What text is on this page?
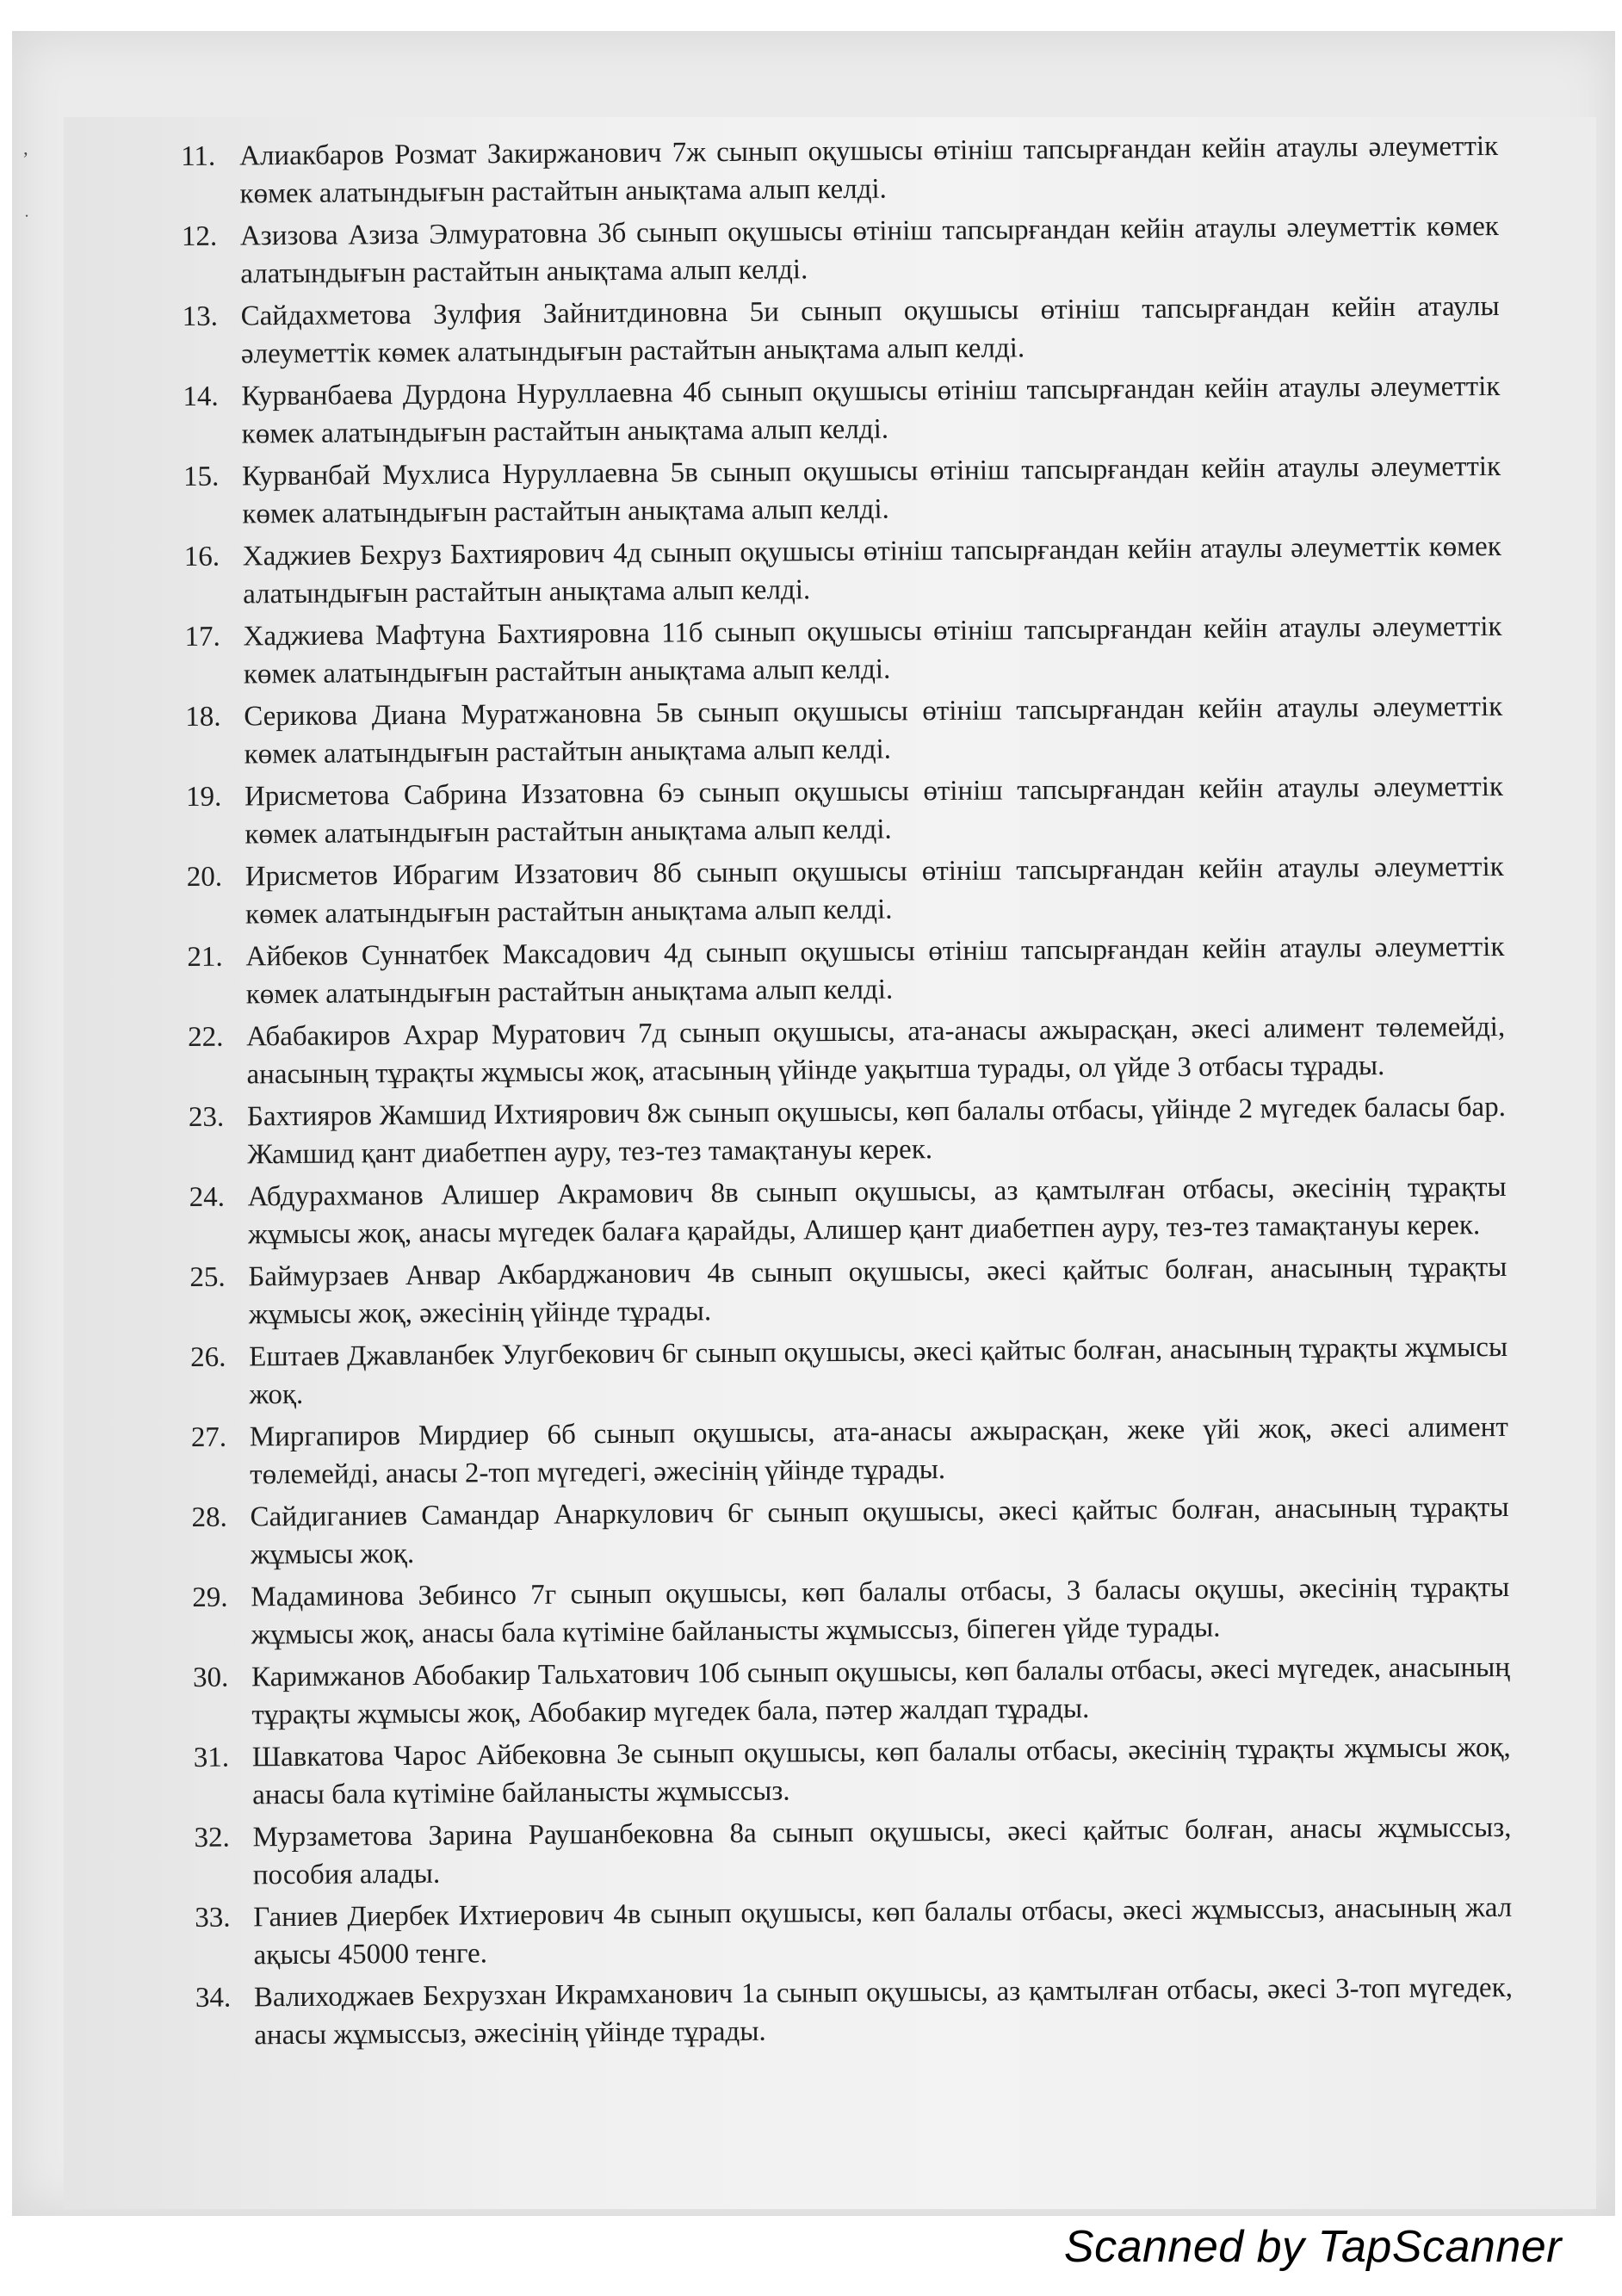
ʼ
ˑ
11. Алиакбаров Розмат Закиржанович 7ж сынып оқушысы өтініш тапсырғандан кейін атаулы әлеуметтік көмек алатындығын растайтын анықтама алып келді.
12. Азизова Азиза Элмуратовна 3б сынып оқушысы өтініш тапсырғандан кейін атаулы әлеуметтік көмек алатындығын растайтын анықтама алып келді.
13. Сайдахметова Зулфия Зайнитдиновна 5и сынып оқушысы өтініш тапсырғандан кейін атаулы әлеуметтік көмек алатындығын растайтын анықтама алып келді.
14. Курванбаева Дурдона Нуруллаевна 4б сынып оқушысы өтініш тапсырғандан кейін атаулы әлеуметтік көмек алатындығын растайтын анықтама алып келді.
15. Курванбай Мухлиса Нуруллаевна 5в сынып оқушысы өтініш тапсырғандан кейін атаулы әлеуметтік көмек алатындығын растайтын анықтама алып келді.
16. Хаджиев Бехруз Бахтиярович 4д сынып оқушысы өтініш тапсырғандан кейін атаулы әлеуметтік көмек алатындығын растайтын анықтама алып келді.
17. Хаджиева Мафтуна Бахтияровна 11б сынып оқушысы өтініш тапсырғандан кейін атаулы әлеуметтік көмек алатындығын растайтын анықтама алып келді.
18. Серикова Диана Муратжановна 5в сынып оқушысы өтініш тапсырғандан кейін атаулы әлеуметтік көмек алатындығын растайтын анықтама алып келді.
19. Ирисметова Сабрина Иззатовна 6э сынып оқушысы өтініш тапсырғандан кейін атаулы әлеуметтік көмек алатындығын растайтын анықтама алып келді.
20. Ирисметов Ибрагим Иззатович 8б сынып оқушысы өтініш тапсырғандан кейін атаулы әлеуметтік көмек алатындығын растайтын анықтама алып келді.
21. Айбеков Суннатбек Максадович 4д сынып оқушысы өтініш тапсырғандан кейін атаулы әлеуметтік көмек алатындығын растайтын анықтама алып келді.
22. Абабакиров Ахрар Муратович 7д сынып оқушысы, ата-анасы ажырасқан, әкесі алимент төлемейді, анасының тұрақты жұмысы жоқ, атасының үйінде уақытша турады, ол үйде 3 отбасы тұрады.
23. Бахтияров Жамшид Ихтиярович 8ж сынып оқушысы, көп балалы отбасы, үйінде 2 мүгедек баласы бар. Жамшид қант диабетпен ауру, тез-тез тамақтануы керек.
24. Абдурахманов Алишер Акрамович 8в сынып оқушысы, аз қамтылған отбасы, әкесінің тұрақты жұмысы жоқ, анасы мүгедек балаға қарайды, Алишер қант диабетпен ауру, тез-тез тамақтануы керек.
25. Баймурзаев Анвар Акбарджанович 4в сынып оқушысы, әкесі қайтыс болған, анасының тұрақты жұмысы жоқ, әжесінің үйінде тұрады.
26. Ештаев Джавланбек Улугбекович 6г сынып оқушысы, әкесі қайтыс болған, анасының тұрақты жұмысы жоқ.
27. Миргапиров Мирдиер 6б сынып оқушысы, ата-анасы ажырасқан, жеке үйі жоқ, әкесі алимент төлемейді, анасы 2-топ мүгедегі, әжесінің үйінде тұрады.
28. Сайдиганиев Самандар Анаркулович 6г сынып оқушысы, әкесі қайтыс болған, анасының тұрақты жұмысы жоқ.
29. Мадаминова Зебинсо 7г сынып оқушысы, көп балалы отбасы, 3 баласы оқушы, әкесінің тұрақты жұмысы жоқ, анасы бала күтіміне байланысты жұмыссыз, біпеген үйде турады.
30. Каримжанов Абобакир Тальхатович 10б сынып оқушысы, көп балалы отбасы, әкесі мүгедек, анасының тұрақты жұмысы жоқ, Абобакир мүгедек бала, пәтер жалдап тұрады.
31. Шавкатова Чарос Айбековна 3е сынып оқушысы, көп балалы отбасы, әкесінің тұрақты жұмысы жоқ, анасы бала күтіміне байланысты жұмыссыз.
32. Мурзаметова Зарина Раушанбековна 8а сынып оқушысы, әкесі қайтыс болған, анасы жұмыссыз, пособия алады.
33. Ганиев Диербек Ихтиерович 4в сынып оқушысы, көп балалы отбасы, әкесі жұмыссыз, анасының жал ақысы 45000 тенге.
34. Валиходжаев Бехрузхан Икрамханович 1а сынып оқушысы, аз қамтылған отбасы, әкесі 3-топ мүгедек, анасы жұмыссыз, әжесінің үйінде тұрады.
Scanned by TapScanner
